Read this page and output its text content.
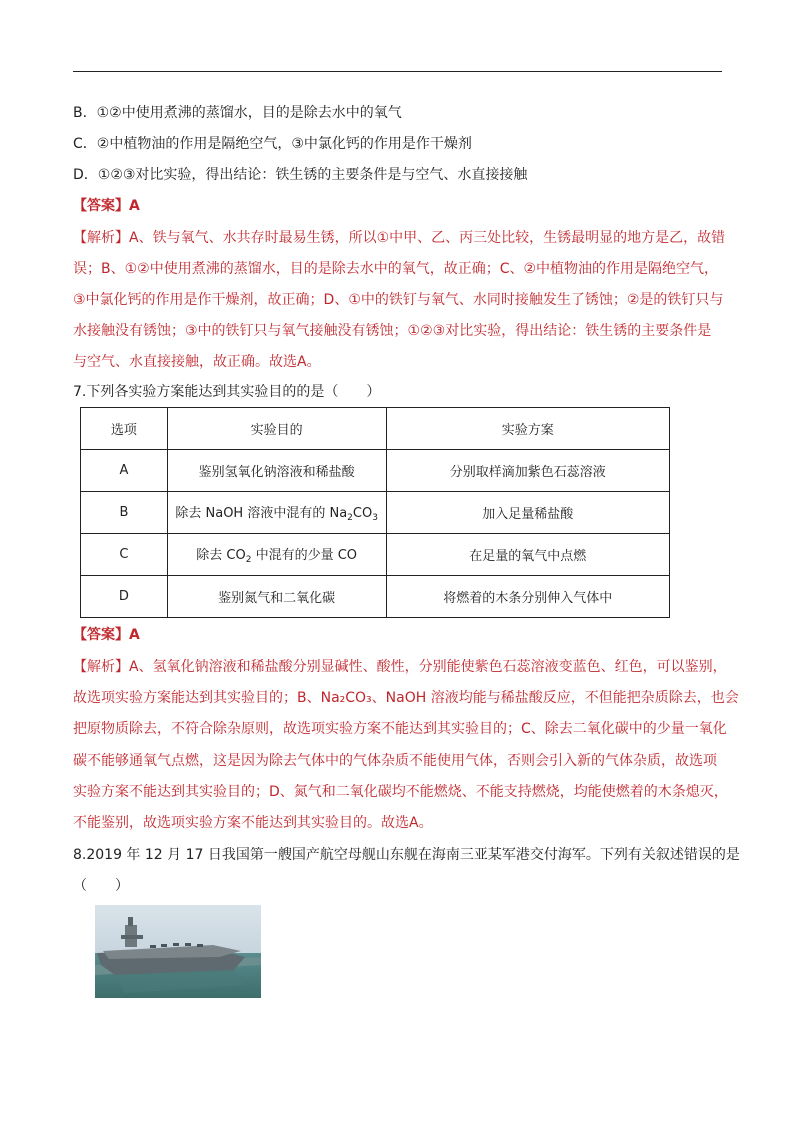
B．①②中使用煮沸的蒸馏水，目的是除去水中的氧气
C．②中植物油的作用是隔绝空气，③中氯化钙的作用是作干燥剂
D．①②③对比实验，得出结论：铁生锈的主要条件是与空气、水直接接触
【答案】A
【解析】A、铁与氧气、水共存时最易生锈，所以①中甲、乙、丙三处比较，生锈最明显的地方是乙，故错
误；B、①②中使用煮沸的蒸馏水，目的是除去水中的氧气，故正确；C、②中植物油的作用是隔绝空气，
③中氯化钙的作用是作干燥剂，故正确；D、①中的铁钉与氧气、水同时接触发生了锈蚀；②是的铁钉只与
水接触没有锈蚀；③中的铁钉只与氧气接触没有锈蚀；①②③对比实验，得出结论：铁生锈的主要条件是
与空气、水直接接触，故正确。故选A。
7.下列各实验方案能达到其实验目的的是（　　）
选项	实验目的	实验方案
A	鉴别氢氧化钠溶液和稀盐酸	分别取样滴加紫色石蕊溶液
B	除去 NaOH 溶液中混有的 $Na_2CO_3$	加入足量稀盐酸
C	除去 $CO_2$ 中混有的少量 CO	在足量的氧气中点燃
D	鉴别氮气和二氧化碳	将燃着的木条分别伸入气体中
【答案】A
【解析】A、氢氧化钠溶液和稀盐酸分别显碱性、酸性，分别能使紫色石蕊溶液变蓝色、红色，可以鉴别，
故选项实验方案能达到其实验目的；B、Na₂CO₃、NaOH 溶液均能与稀盐酸反应，不但能把杂质除去，也会
把原物质除去，不符合除杂原则，故选项实验方案不能达到其实验目的；C、除去二氧化碳中的少量一氧化
碳不能够通氧气点燃，这是因为除去气体中的气体杂质不能使用气体，否则会引入新的气体杂质，故选项
实验方案不能达到其实验目的；D、氮气和二氧化碳均不能燃烧、不能支持燃烧，均能使燃着的木条熄灭，
不能鉴别，故选项实验方案不能达到其实验目的。故选A。
8.2019 年 12 月 17 日我国第一艘国产航空母舰山东舰在海南三亚某军港交付海军。下列有关叙述错误的是
（　　）
